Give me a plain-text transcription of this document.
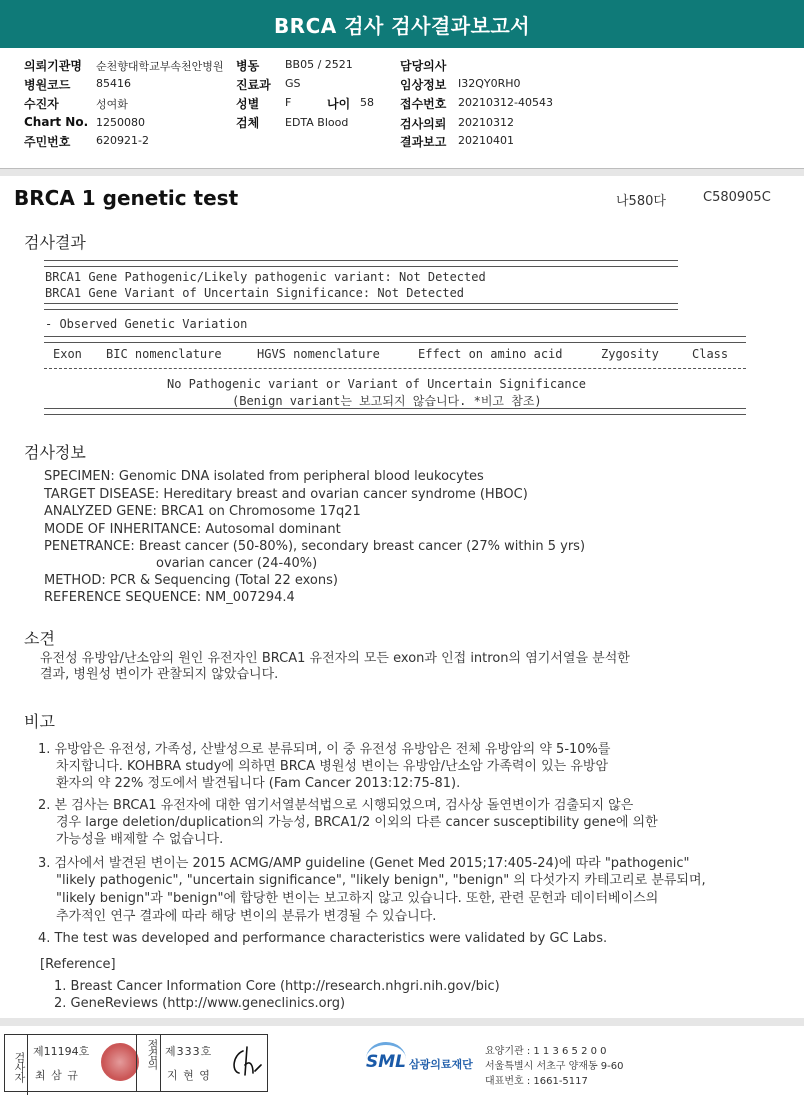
BRCA 검사 검사결과보고서
의뢰기관명 순천향대학교부속천안병원 병동 BB05 / 2521	담당의사
병원코드 85416	진료과 GS	임상정보 I32QY0RH0
수진자	성여화	성별 F	나이 58 접수번호 20210312-40543
Chart No. 1250080	검체 EDTA Blood	검사의뢰 20210312
주민번호 620921-2	결과보고 20210401
BRCA 1 genetic test	나580다	C580905C
검사결과
BRCA1 Gene Pathogenic/Likely pathogenic variant: Not Detected
BRCA1 Gene Variant of Uncertain Significance: Not Detected
- Observed Genetic Variation
Exon BIC nomenclature	HGVS nomenclature	Effect on amino acid	Zygosity	Class
No Pathogenic variant or Variant of Uncertain Significance
(Benign variant는 보고되지 않습니다. *비고 참조)
검사정보
SPECIMEN: Genomic DNA isolated from peripheral blood leukocytes
TARGET DISEASE: Hereditary breast and ovarian cancer syndrome (HBOC)
ANALYZED GENE: BRCA1 on Chromosome 17q21
MODE OF INHERITANCE: Autosomal dominant
PENETRANCE: Breast cancer (50-80%), secondary breast cancer (27% within 5 yrs)
ovarian cancer (24-40%)
METHOD: PCR & Sequencing (Total 22 exons)
REFERENCE SEQUENCE: NM_007294.4
소견
유전성 유방암/난소암의 원인 유전자인 BRCA1 유전자의 모든 exon과 인접 intron의 염기서열을 분석한
결과, 병원성 변이가 관찰되지 않았습니다.
비고
1. 유방암은 유전성, 가족성, 산발성으로 분류되며, 이 중 유전성 유방암은 전체 유방암의 약 5-10%를
차지합니다. KOHBRA study에 의하면 BRCA 병원성 변이는 유방암/난소암 가족력이 있는 유방암
환자의 약 22% 정도에서 발견됩니다 (Fam Cancer 2013:12:75-81).
2. 본 검사는 BRCA1 유전자에 대한 염기서열분석법으로 시행되었으며, 검사상 돌연변이가 검출되지 않은
경우 large deletion/duplication의 가능성, BRCA1/2 이외의 다른 cancer susceptibility gene에 의한
가능성을 배제할 수 없습니다.
3. 검사에서 발견된 변이는 2015 ACMG/AMP guideline (Genet Med 2015;17:405-24)에 따라 "pathogenic"
"likely pathogenic", "uncertain significance", "likely benign", "benign" 의 다섯가지 카테고리로 분류되며,
"likely benign"과 "benign"에 합당한 변이는 보고하지 않고 있습니다. 또한, 관련 문헌과 데이터베이스의
추가적인 연구 결과에 따라 해당 변이의 분류가 변경될 수 있습니다.
4. The test was developed and performance characteristics were validated by GC Labs.
[Reference]
1. Breast Cancer Information Core (http://research.nhgri.nih.gov/bic)
2. GeneReviews (http://www.geneclinics.org)
검사자
제11194호
최 삼 규
점검의 제333호
지 현 영
SML 삼광의료재단
요양기관 : 1 1 3 6 5 2 0 0
서울특별시 서초구 양재동 9-60
대표번호 : 1661-5117
